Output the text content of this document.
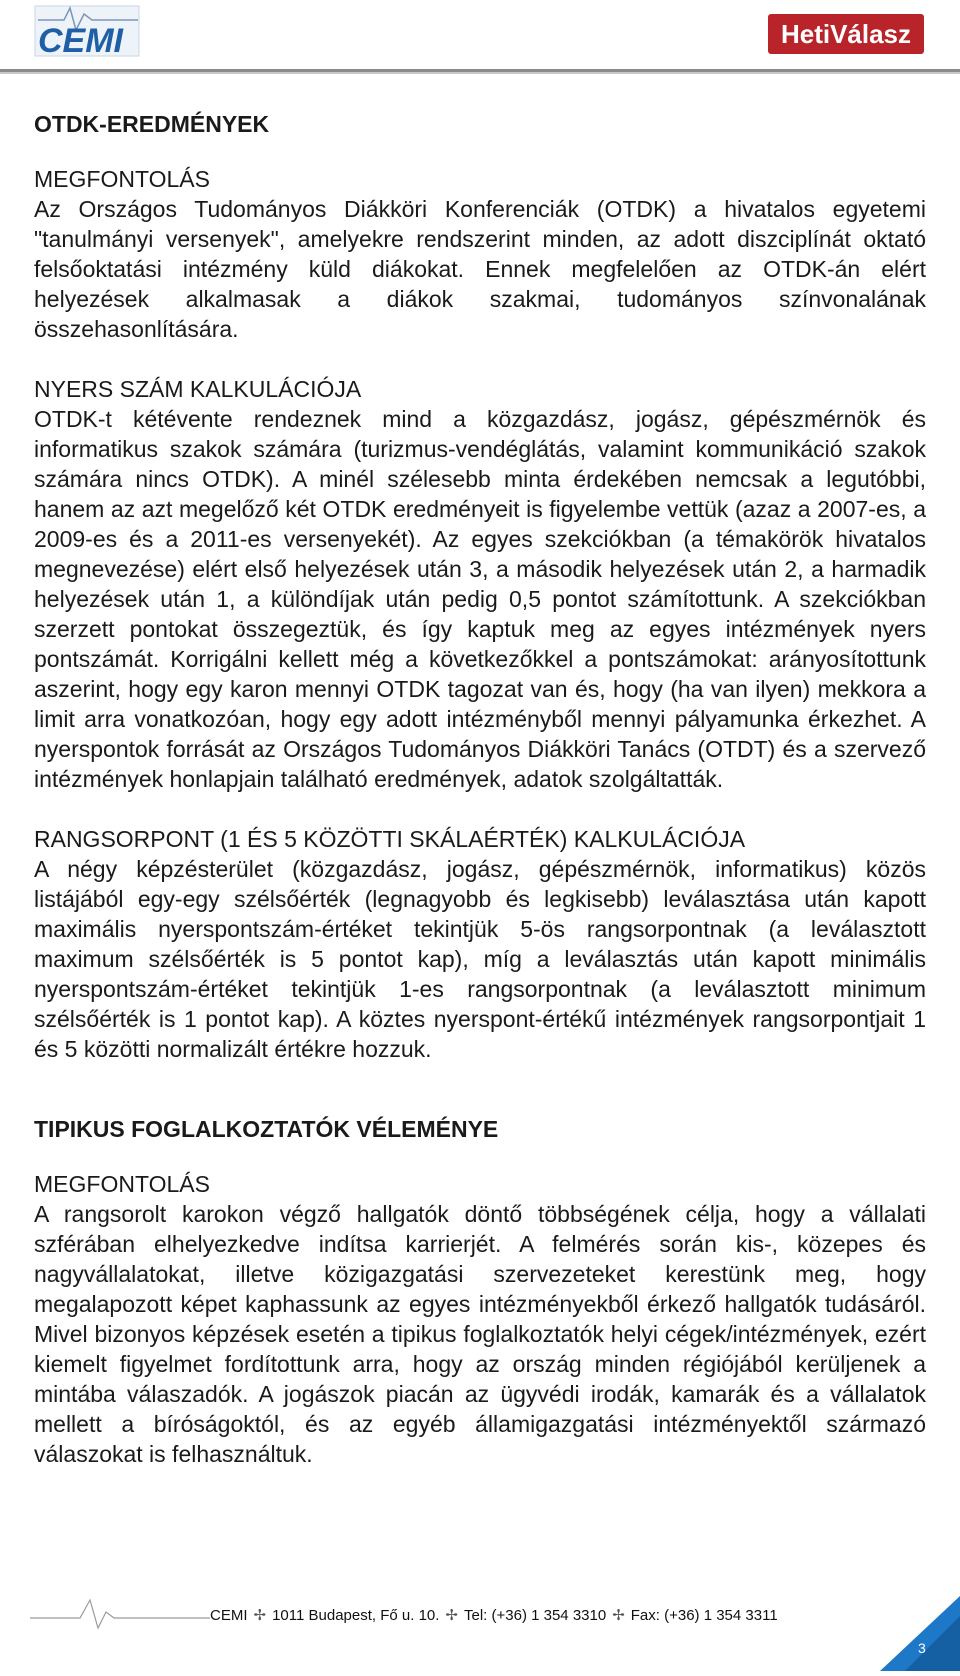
CEMI	HetiVálasz
OTDK-EREDMÉNYEK

MEGFONTOLÁS

Az Országos Tudományos Diákköri Konferenciák (OTDK) a hivatalos egyetemi "tanulmányi versenyek", amelyekre rendszerint minden, az adott diszciplínát oktató felsőoktatási intézmény küld diákokat. Ennek megfelelően az OTDK-án elért helyezések alkalmasak a diákok szakmai, tudományos színvonalának összehasonlítására.

NYERS SZÁM KALKULÁCIÓJA

OTDK-t kétévente rendeznek mind a közgazdász, jogász, gépészmérnök és informatikus szakok számára (turizmus-vendéglátás, valamint kommunikáció szakok számára nincs OTDK). A minél szélesebb minta érdekében nemcsak a legutóbbi, hanem az azt megelőző két OTDK eredményeit is figyelembe vettük (azaz a 2007-es, a 2009-es és a 2011-es versenyekét). Az egyes szekciókban (a témakörök hivatalos megnevezése) elért első helyezések után 3, a második helyezések után 2, a harmadik helyezések után 1, a különdíjak után pedig 0,5 pontot számítottunk. A szekciókban szerzett pontokat összegeztük, és így kaptuk meg az egyes intézmények nyers pontszámát. Korrigálni kellett még a következőkkel a pontszámokat: arányosítottunk aszerint, hogy egy karon mennyi OTDK tagozat van és, hogy (ha van ilyen) mekkora a limit arra vonatkozóan, hogy egy adott intézményből mennyi pályamunka érkezhet. A nyerspontok forrását az Országos Tudományos Diákköri Tanács (OTDT) és a szervező intézmények honlapjain található eredmények, adatok szolgáltatták.

RANGSORPONT (1 ÉS 5 KÖZÖTTI SKÁLAÉRTÉK) KALKULÁCIÓJA

A négy képzésterület (közgazdász, jogász, gépészmérnök, informatikus) közös listájából egy-egy szélsőérték (legnagyobb és legkisebb) leválasztása után kapott maximális nyerspontszám-értéket tekintjük 5-ös rangsorpontnak (a leválasztott maximum szélsőérték is 5 pontot kap), míg a leválasztás után kapott minimális nyerspontszám-értéket tekintjük 1-es rangsorpontnak (a leválasztott minimum szélsőérték is 1 pontot kap). A köztes nyerspont-értékű intézmények rangsorpontjait 1 és 5 közötti normalizált értékre hozzuk.

TIPIKUS FOGLALKOZTATÓK VÉLEMÉNYE

MEGFONTOLÁS

A rangsorolt karokon végző hallgatók döntő többségének célja, hogy a vállalati szférában elhelyezkedve indítsa karrierjét. A felmérés során kis-, közepes és nagyvállalatokat, illetve közigazgatási szervezeteket kerestünk meg, hogy megalapozott képet kaphassunk az egyes intézményekből érkező hallgatók tudásáról. Mivel bizonyos képzések esetén a tipikus foglalkoztatók helyi cégek/intézmények, ezért kiemelt figyelmet fordítottunk arra, hogy az ország minden régiójából kerüljenek a mintába válaszadók. A jogászok piacán az ügyvédi irodák, kamarák és a vállalatok mellett a bíróságoktól, és az egyéb államigazgatási intézményektől származó válaszokat is felhasználtuk.

CEMI ✢ 1011 Budapest, Fő u. 10. ✢ Tel: (+36) 1 354 3310 ✢ Fax: (+36) 1 354 3311
3
